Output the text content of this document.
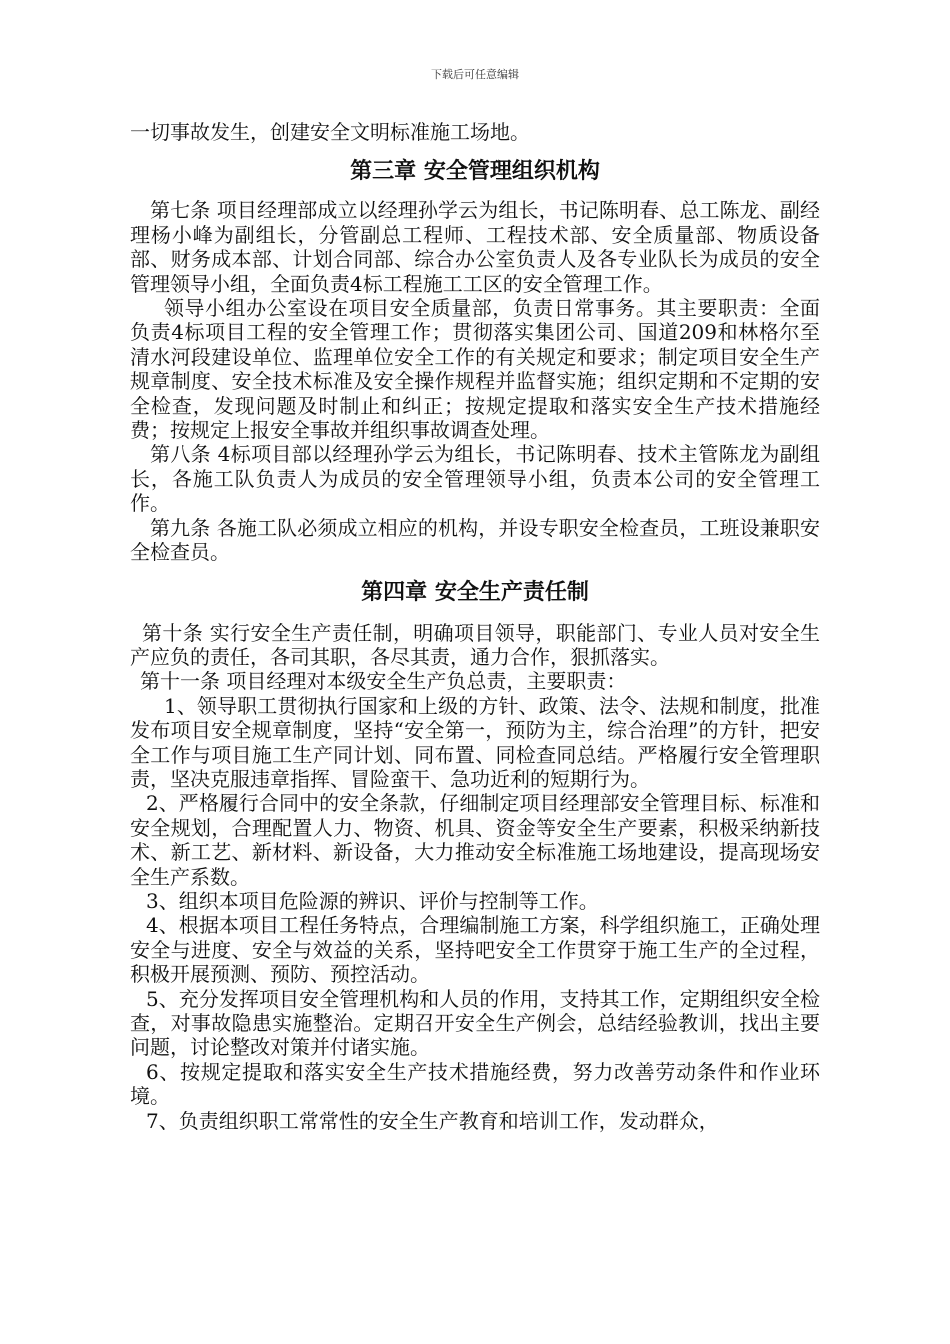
下载后可任意编辑

一切事故发生，创建安全文明标准施工场地。

第三章 安全管理组织机构

第七条 项目经理部成立以经理孙学云为组长，书记陈明春、总工陈龙、副经理杨小峰为副组长，分管副总工程师、工程技术部、安全质量部、物质设备部、财务成本部、计划合同部、综合办公室负责人及各专业队长为成员的安全管理领导小组，全面负责4标工程施工工区的安全管理工作。

领导小组办公室设在项目安全质量部，负责日常事务。其主要职责：全面负责4标项目工程的安全管理工作；贯彻落实集团公司、国道209和林格尔至清水河段建设单位、监理单位安全工作的有关规定和要求；制定项目安全生产规章制度、安全技术标准及安全操作规程并监督实施；组织定期和不定期的安全检查，发现问题及时制止和纠正；按规定提取和落实安全生产技术措施经费；按规定上报安全事故并组织事故调查处理。

第八条 4标项目部以经理孙学云为组长，书记陈明春、技术主管陈龙为副组长，各施工队负责人为成员的安全管理领导小组，负责本公司的安全管理工作。

第九条 各施工队必须成立相应的机构，并设专职安全检查员，工班设兼职安全检查员。

第四章 安全生产责任制

第十条 实行安全生产责任制，明确项目领导，职能部门、专业人员对安全生产应负的责任，各司其职，各尽其责，通力合作，狠抓落实。

第十一条 项目经理对本级安全生产负总责，主要职责：

1、领导职工贯彻执行国家和上级的方针、政策、法令、法规和制度，批准发布项目安全规章制度，坚持“安全第一，预防为主，综合治理”的方针，把安全工作与项目施工生产同计划、同布置、同检查同总结。严格履行安全管理职责，坚决克服违章指挥、冒险蛮干、急功近利的短期行为。

2、严格履行合同中的安全条款，仔细制定项目经理部安全管理目标、标准和安全规划，合理配置人力、物资、机具、资金等安全生产要素，积极采纳新技术、新工艺、新材料、新设备，大力推动安全标准施工场地建设，提高现场安全生产系数。

3、组织本项目危险源的辨识、评价与控制等工作。

4、根据本项目工程任务特点，合理编制施工方案，科学组织施工，正确处理安全与进度、安全与效益的关系，坚持吧安全工作贯穿于施工生产的全过程，积极开展预测、预防、预控活动。

5、充分发挥项目安全管理机构和人员的作用，支持其工作，定期组织安全检查，对事故隐患实施整治。定期召开安全生产例会，总结经验教训，找出主要问题，讨论整改对策并付诸实施。

6、按规定提取和落实安全生产技术措施经费，努力改善劳动条件和作业环境。

7、负责组织职工常常性的安全生产教育和培训工作，发动群众，
